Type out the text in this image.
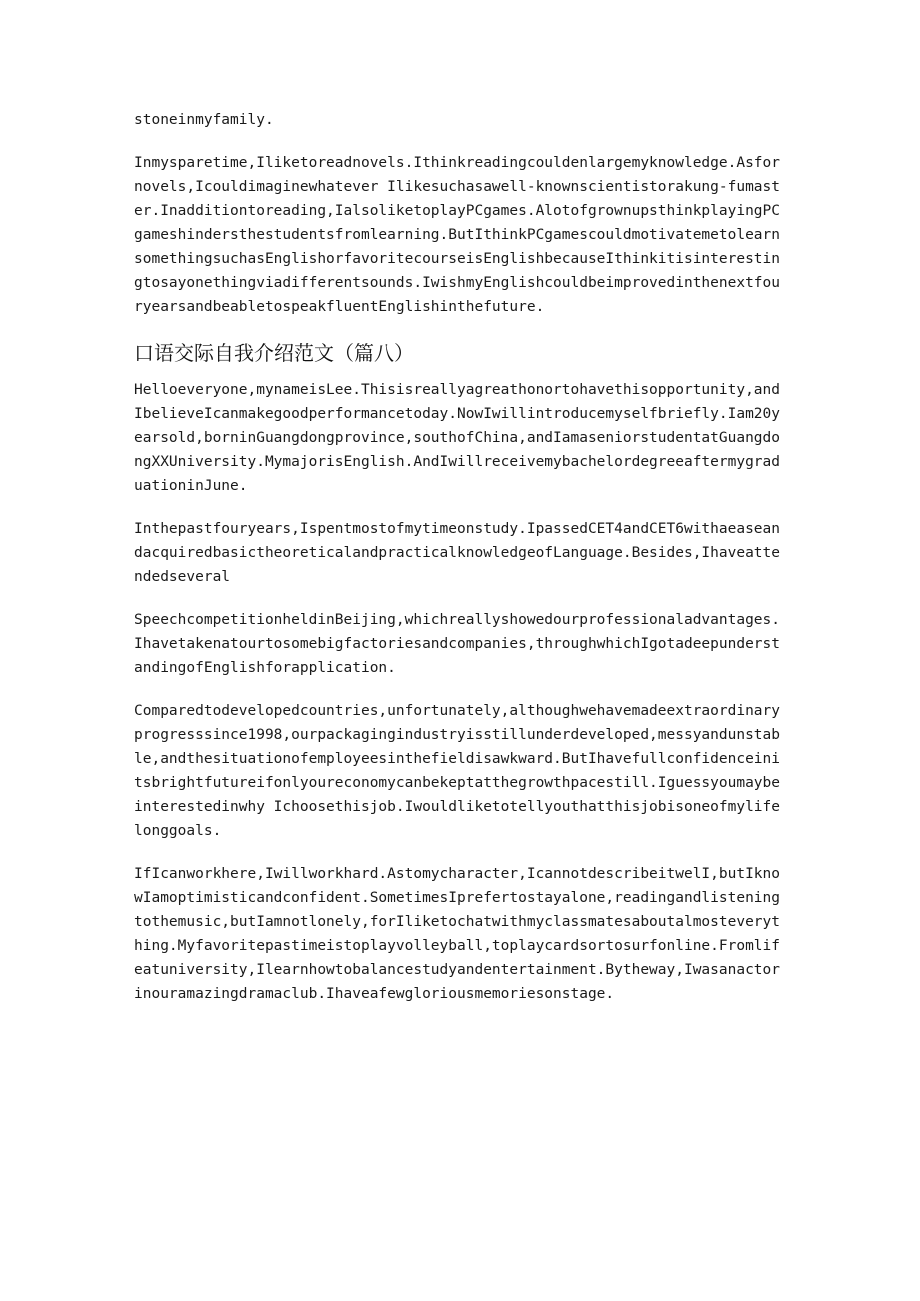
stoneinmyfamily.

Inmysparetime,Iliketoreadnovels.Ithinkreadingcouldenlargemyknowledge.Asfornovels,Icouldimaginewhatever Ilikesuchasawell-knownscientistorakung-fumaster.Inadditiontoreading,IalsoliketoplayPCgames.AlotofgrownupsthinkplayingPCgameshindersthestudentsfromlearning.ButIthinkPCgamescouldmotivatemetolearnsomethingsuchasEnglishorfavoritecourseisEnglishbecauseIthinkitisinterestingtosayonethingviadifferentsounds.IwishmyEnglishcouldbeimprovedinthenextfouryearsandbeabletospeakfluentEnglishinthefuture.

口语交际自我介绍范文（篇八）

Helloeveryone,mynameisLee.Thisisreallyagreathonortohavethisopportunity,andIbelieveIcanmakegoodperformancetoday.NowIwillintroducemyselfbriefly.Iam20yearsold,borninGuangdongprovince,southofChina,andIamaseniorstudentatGuangdongXXUniversity.MymajorisEnglish.AndIwillreceivemybachelordegreeaftermygraduationinJune.

Inthepastfouryears,Ispentmostofmytimeonstudy.IpassedCET4andCET6withaeaseandacquiredbasictheoreticalandpracticalknowledgeofLanguage.Besides,Ihaveattendedseveral

SpeechcompetitionheldinBeijing,whichreallyshowedourprofessionaladvantages.Ihavetakenatourtosomebigfactoriesandcompanies,throughwhichIgotadeepunderstandingofEnglishforapplication.

Comparedtodevelopedcountries,unfortunately,althoughwehavemadeextraordinaryprogresssince1998,ourpackagingindustryisstillunderdeveloped,messyandunstable,andthesituationofemployeesinthefieldisawkward.ButIhavefullconfidenceinitsbrightfutureifonlyoureconomycanbekeptatthegrowthpacestill.Iguessyoumaybeinterestedinwhy Ichoosethisjob.Iwouldliketotellyouthatthisjobisoneofmylifelonggoals.

IfIcanworkhere,Iwillworkhard.Astomycharacter,IcannotdescribeitwelI,butIknowIamoptimisticandconfident.SometimesIprefertostayalone,readingandlisteningtothemusic,butIamnotlonely,forIliketochatwithmyclassmatesaboutalmosteverything.Myfavoritepastimeistoplayvolleyball,toplaycardsortosurfonline.Fromlifeatuniversity,Ilearnhowtobalancestudyandentertainment.Bytheway,Iwasanactorinouramazingdramaclub.Ihaveafewgloriousmemoriesonstage.
